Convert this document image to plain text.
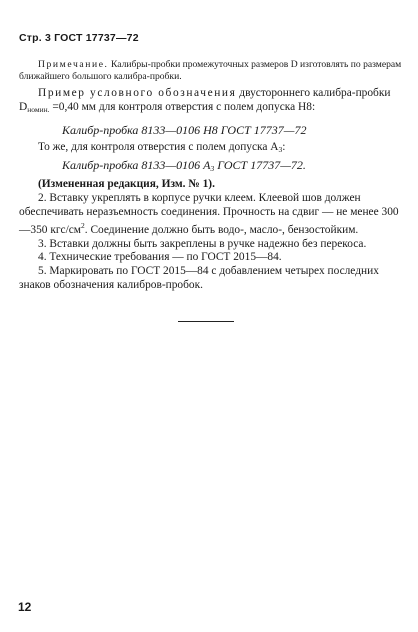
Стр. 3 ГОСТ 17737—72
Примечание. Калибры-пробки промежуточных размеров D изготовлять по размерам ближайшего большого калибра-пробки.
Пример условного обозначения двустороннего калибра-пробки $D_{номин.} =0,40$ мм для контроля отверстия с полем допуска H8:
Калибр-пробка 8133—0106 Н8 ГОСТ 17737—72
То же, для контроля отверстия с полем допуска $А_3$:
Калибр-пробка 8133—0106 $А_3$ ГОСТ 17737—72.
(Измененная редакция, Изм. № 1).

2. Вставку укреплять в корпусе ручки клеем. Клеевой шов должен обеспечивать неразъемность соединения. Прочность на сдвиг — не менее 300—350 кгс/$см^2$. Соединение должно быть водо-, масло-, бензостойким.

3. Вставки должны быть закреплены в ручке надежно без перекоса.

4. Технические требования — по ГОСТ 2015—84.

5. Маркировать по ГОСТ 2015—84 с добавлением четырех последних знаков обозначения калибров-пробок.

12
